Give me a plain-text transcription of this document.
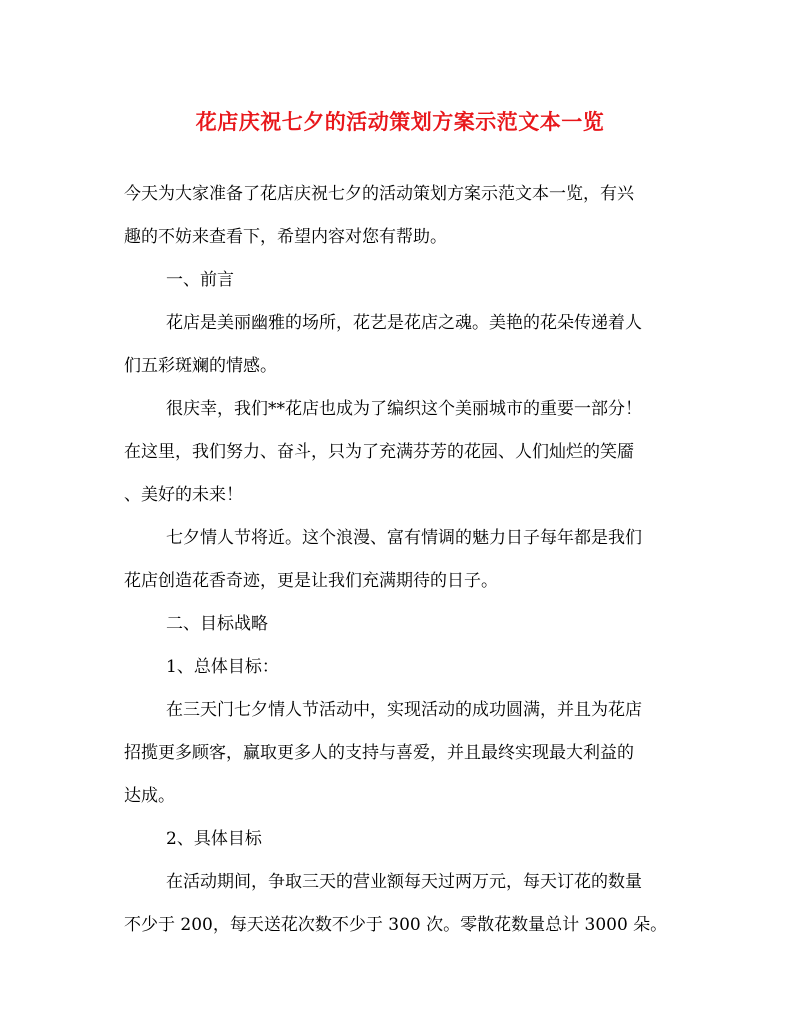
花店庆祝七夕的活动策划方案示范文本一览
今天为大家准备了花店庆祝七夕的活动策划方案示范文本一览，有兴
趣的不妨来查看下，希望内容对您有帮助。
一、前言
花店是美丽幽雅的场所，花艺是花店之魂。美艳的花朵传递着人
们五彩斑斓的情感。
很庆幸，我们**花店也成为了编织这个美丽城市的重要一部分！
在这里，我们努力、奋斗，只为了充满芬芳的花园、人们灿烂的笑靥
、美好的未来！
七夕情人节将近。这个浪漫、富有情调的魅力日子每年都是我们
花店创造花香奇迹，更是让我们充满期待的日子。
二、目标战略
1、总体目标：
在三天门七夕情人节活动中，实现活动的成功圆满，并且为花店
招揽更多顾客，赢取更多人的支持与喜爱，并且最终实现最大利益的
达成。
2、具体目标
在活动期间，争取三天的营业额每天过两万元，每天订花的数量
不少于 200，每天送花次数不少于 300 次。零散花数量总计 3000 朵。
